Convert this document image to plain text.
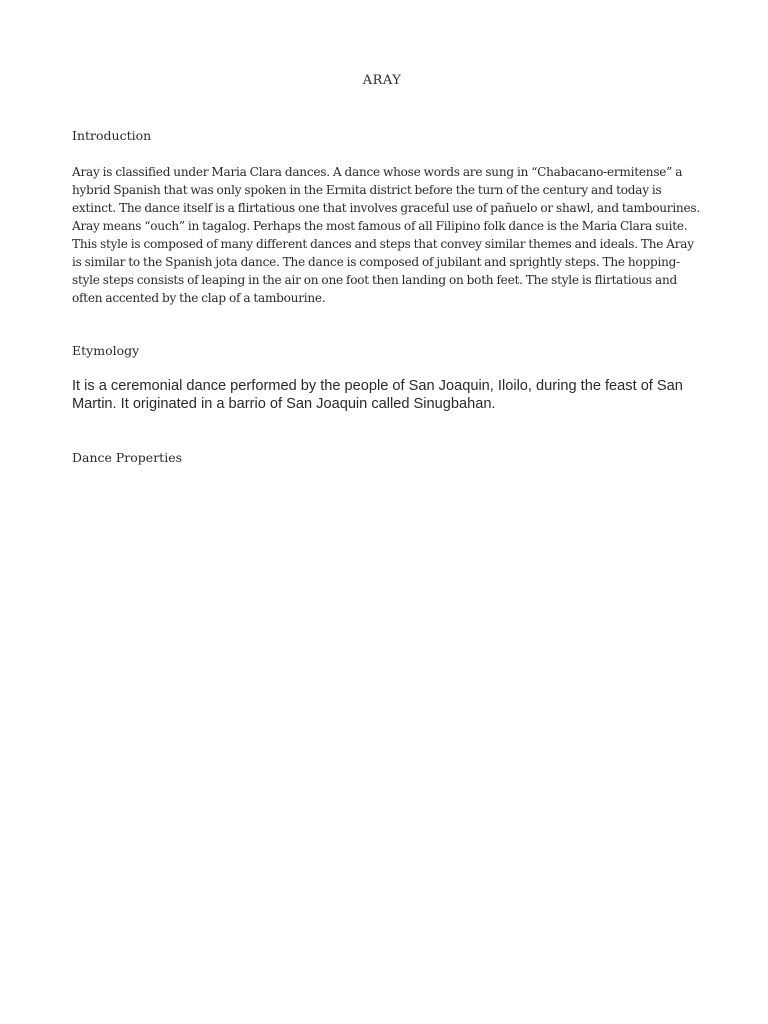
ARAY
Introduction
Aray is classified under Maria Clara dances. A dance whose words are sung in “Chabacano-ermitense” a hybrid Spanish that was only spoken in the Ermita district before the turn of the century and today is extinct. The dance itself is a flirtatious one that involves graceful use of pañuelo or shawl, and tambourines. Aray means “ouch” in tagalog. Perhaps the most famous of all Filipino folk dance is the Maria Clara suite. This style is composed of many different dances and steps that convey similar themes and ideals. The Aray is similar to the Spanish jota dance. The dance is composed of jubilant and sprightly steps. The hopping-style steps consists of leaping in the air on one foot then landing on both feet. The style is flirtatious and often accented by the clap of a tambourine.
Etymology
It is a ceremonial dance performed by the people of San Joaquin, Iloilo, during the feast of San Martin. It originated in a barrio of San Joaquin called Sinugbahan.
Dance Properties
